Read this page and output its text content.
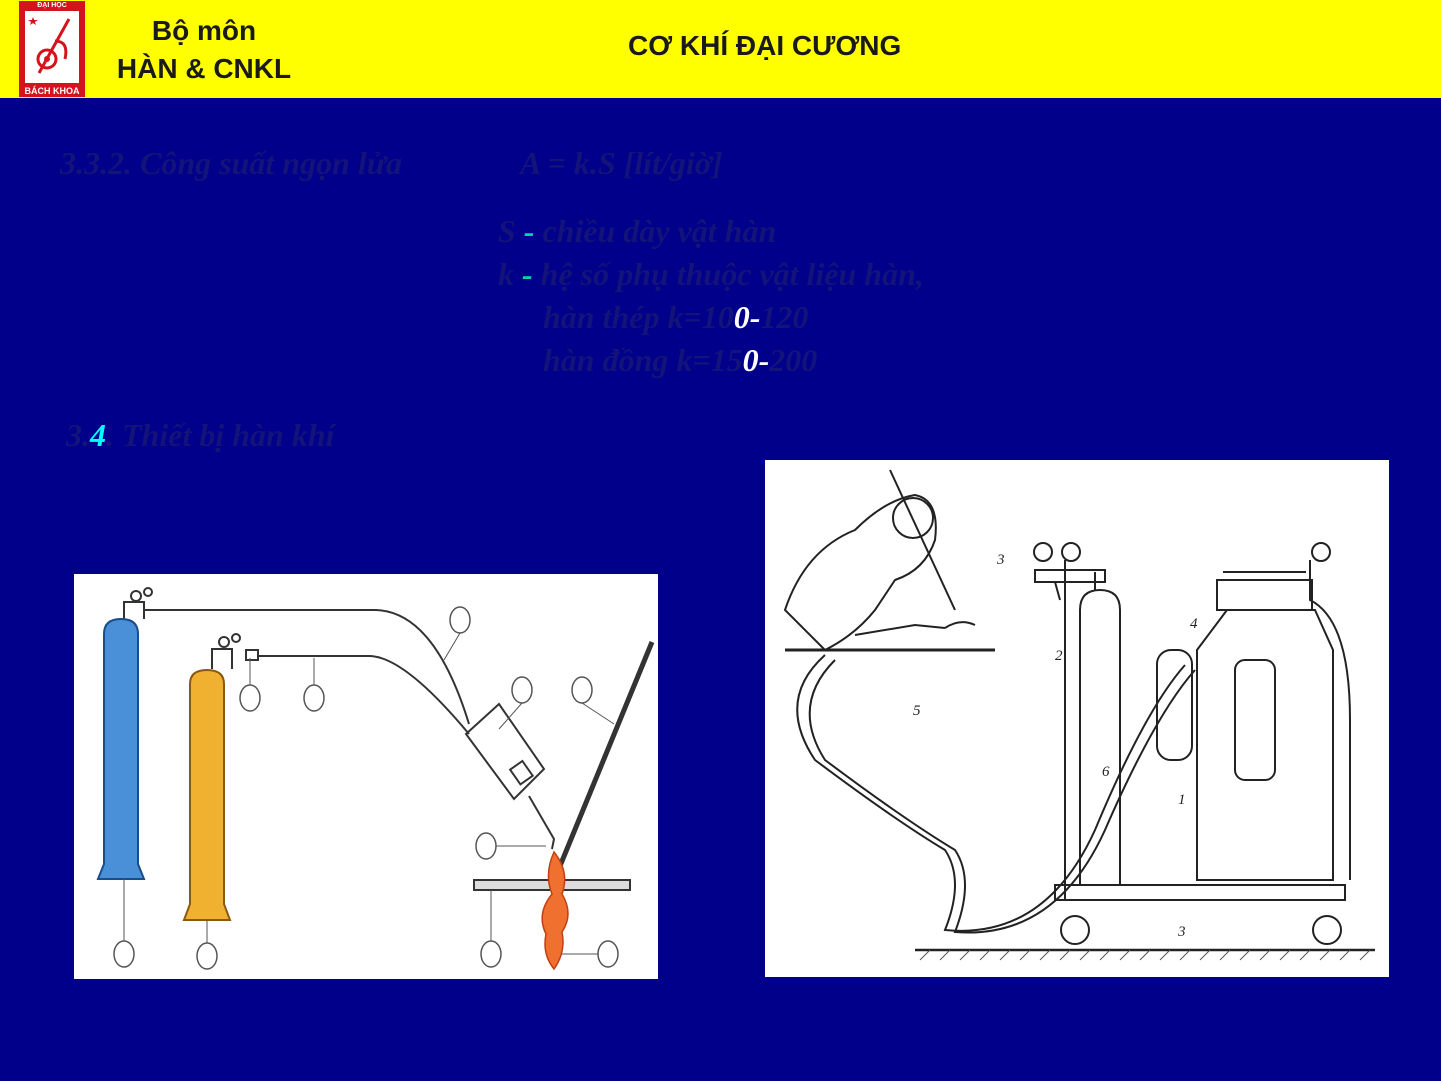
ĐẠI HỌC
BÁCH KHOA
Bộ môn
HÀN & CNKL
CƠ KHÍ ĐẠI CƯƠNG
3.3.2. Công suất ngọn lửa	A = k.S [lít/giờ]
S - chiều dày vật hàn
k - hệ số phụ thuộc vật liệu hàn,
hàn thép k=100-120
hàn đồng k=150-200
3.4. Thiết bị hàn khí
3
2
4
5
6
1
3
